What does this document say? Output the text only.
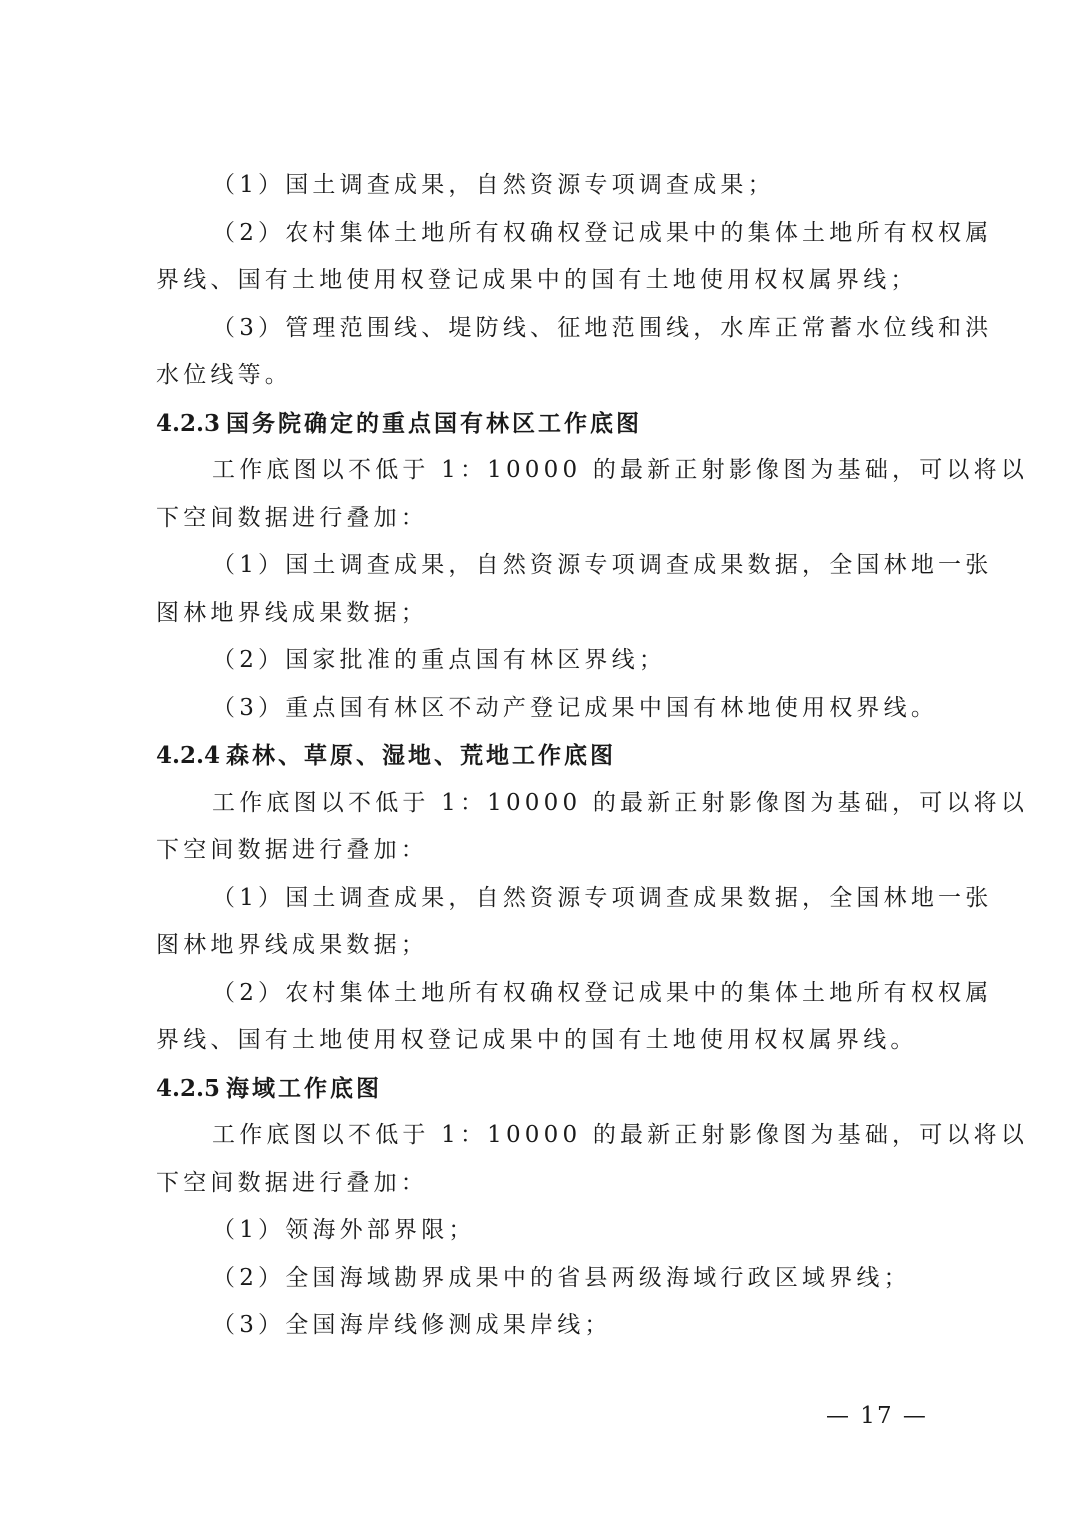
（1）国土调查成果，自然资源专项调查成果；
（2）农村集体土地所有权确权登记成果中的集体土地所有权权属
界线、国有土地使用权登记成果中的国有土地使用权权属界线；
（3）管理范围线、堤防线、征地范围线，水库正常蓄水位线和洪
水位线等。
4.2.3 国务院确定的重点国有林区工作底图
工作底图以不低于 1：10000 的最新正射影像图为基础，可以将以
下空间数据进行叠加：
（1）国土调查成果，自然资源专项调查成果数据，全国林地一张
图林地界线成果数据；
（2）国家批准的重点国有林区界线；
（3）重点国有林区不动产登记成果中国有林地使用权界线。
4.2.4 森林、草原、湿地、荒地工作底图
工作底图以不低于 1：10000 的最新正射影像图为基础，可以将以
下空间数据进行叠加：
（1）国土调查成果，自然资源专项调查成果数据，全国林地一张
图林地界线成果数据；
（2）农村集体土地所有权确权登记成果中的集体土地所有权权属
界线、国有土地使用权登记成果中的国有土地使用权权属界线。
4.2.5 海域工作底图
工作底图以不低于 1：10000 的最新正射影像图为基础，可以将以
下空间数据进行叠加：
（1）领海外部界限；
（2）全国海域勘界成果中的省县两级海域行政区域界线；
（3）全国海岸线修测成果岸线；
— 17 —
